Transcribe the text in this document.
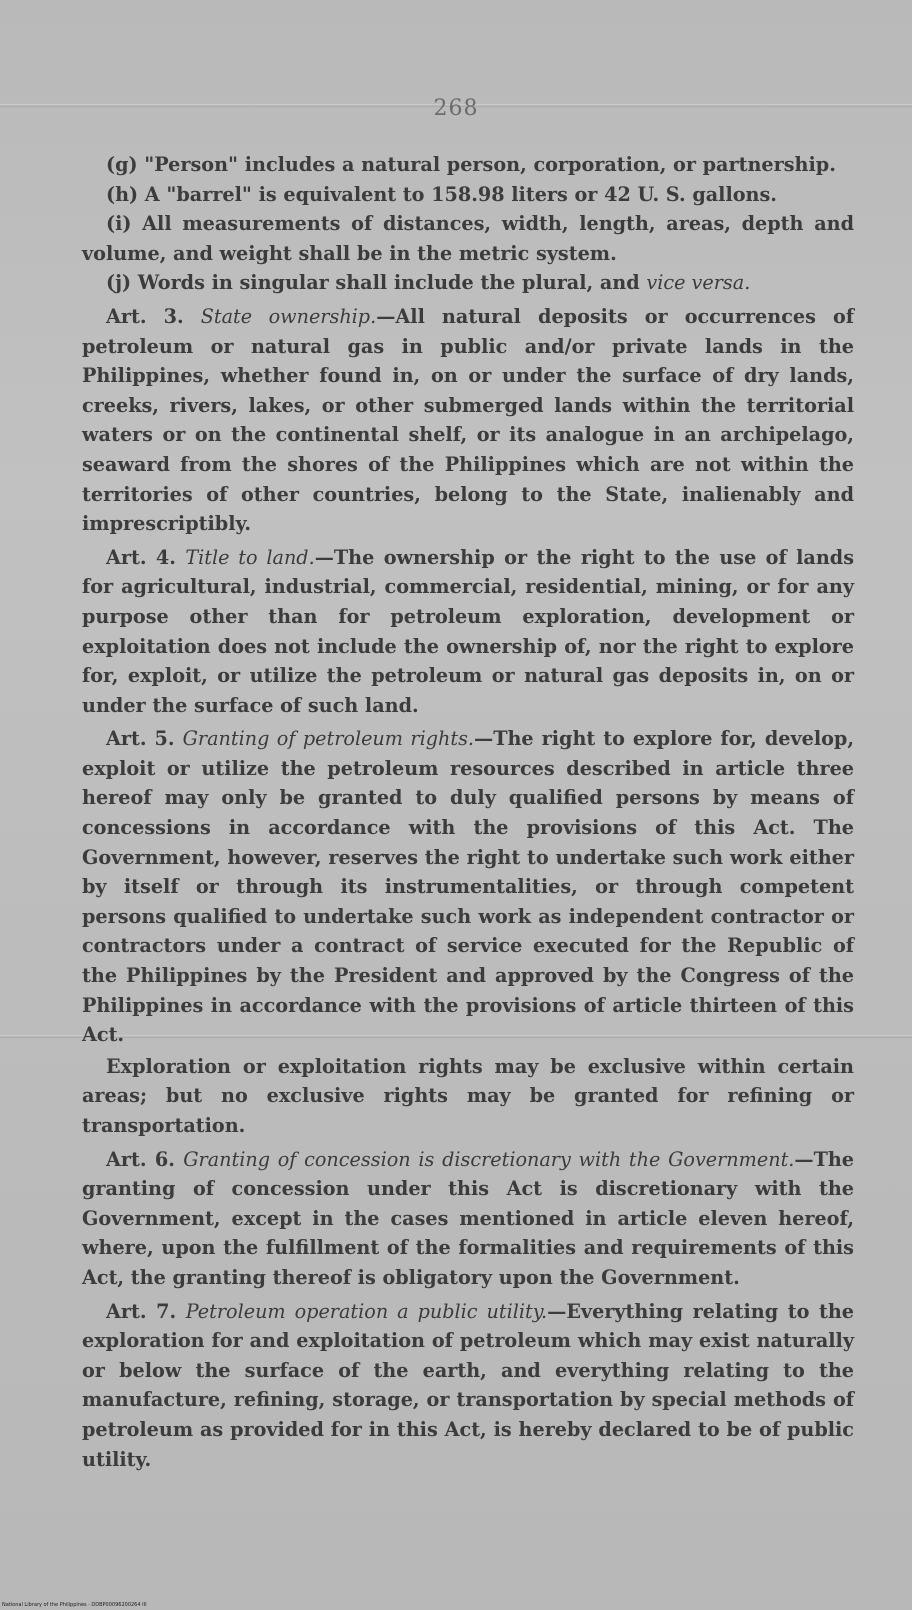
268

(g) "Person" includes a natural person, corporation, or partnership.

(h) A "barrel" is equivalent to 158.98 liters or 42 U. S. gallons.

(i) All measurements of distances, width, length, areas, depth and volume, and weight shall be in the metric system.

(j) Words in singular shall include the plural, and vice versa.

Art. 3. State ownership.—All natural deposits or occurrences of petroleum or natural gas in public and/or private lands in the Philippines, whether found in, on or under the surface of dry lands, creeks, rivers, lakes, or other submerged lands within the territorial waters or on the continental shelf, or its analogue in an archipelago, seaward from the shores of the Philippines which are not within the territories of other countries, belong to the State, inalienably and imprescriptibly.

Art. 4. Title to land.—The ownership or the right to the use of lands for agricultural, industrial, commercial, residential, mining, or for any purpose other than for petroleum exploration, development or exploitation does not include the ownership of, nor the right to explore for, exploit, or utilize the petroleum or natural gas deposits in, on or under the surface of such land.

Art. 5. Granting of petroleum rights.—The right to explore for, develop, exploit or utilize the petroleum resources described in article three hereof may only be granted to duly qualified persons by means of concessions in accordance with the provisions of this Act. The Government, however, reserves the right to undertake such work either by itself or through its instrumentalities, or through competent persons qualified to undertake such work as independent contractor or contractors under a contract of service executed for the Republic of the Philippines by the President and approved by the Congress of the Philippines in accordance with the provisions of article thirteen of this Act.

Exploration or exploitation rights may be exclusive within certain areas; but no exclusive rights may be granted for refining or transportation.

Art. 6. Granting of concession is discretionary with the Government.—The granting of concession under this Act is discretionary with the Government, except in the cases mentioned in article eleven hereof, where, upon the fulfillment of the formalities and requirements of this Act, the granting thereof is obligatory upon the Government.

Art. 7. Petroleum operation a public utility.—Everything relating to the exploration for and exploitation of petroleum which may exist naturally or below the surface of the earth, and everything relating to the manufacture, refining, storage, or transportation by special methods of petroleum as provided for in this Act, is hereby declared to be of public utility.

National Library of the Philippines · DDBP00096200264 III
